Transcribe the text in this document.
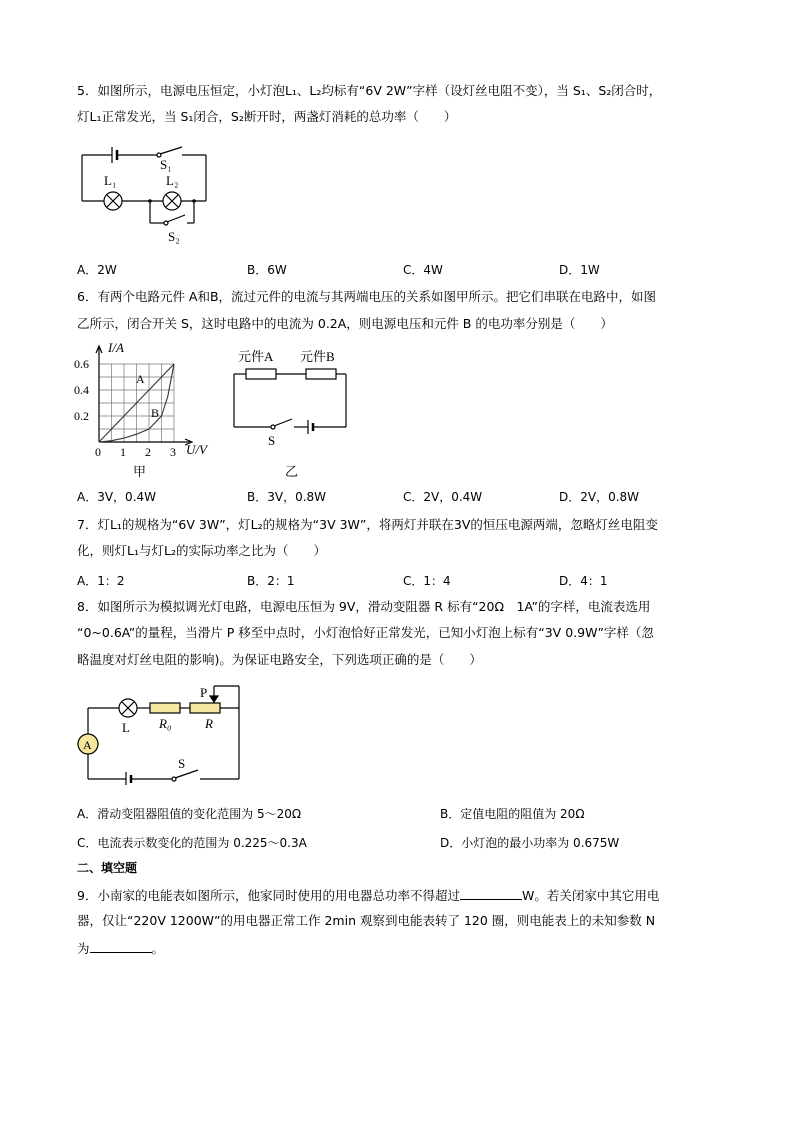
5．如图所示，电源电压恒定，小灯泡L₁、L₂均标有“6V 2W”字样（设灯丝电阻不变），当 S₁、S₂闭合时，
灯L₁正常发光，当 S₁闭合，S₂断开时，两盏灯消耗的总功率（　　）
S₁
L₁	L₂
S₂
A．2W	B．6W	C．4W	D．1W
6．有两个电路元件 A和B，流过元件的电流与其两端电压的关系如图甲所示。把它们串联在电路中，如图
乙所示，闭合开关 S，这时电路中的电流为 0.2A，则电源电压和元件 B 的电功率分别是（　　）
0.2
0.4
0.6
0 1 2 3
I/A
U/V
A
B
甲
元件A 元件B
S
乙
A．3V，0.4W	B．3V，0.8W	C．2V，0.4W	D．2V，0.8W
7．灯L₁的规格为“6V 3W”，灯L₂的规格为“3V 3W”，将两灯并联在3V的恒压电源两端，忽略灯丝电阻变
化，则灯L₁与灯L₂的实际功率之比为（　　）
A．1：2	B．2：1	C．1：4	D．4：1
8．如图所示为模拟调光灯电路，电源电压恒为 9V，滑动变阻器 R 标有“20Ω　1A”的字样，电流表选用
“0~0.6A”的量程，当滑片 P 移至中点时，小灯泡恰好正常发光，已知小灯泡上标有“3V 0.9W”字样（忽
略温度对灯丝电阻的影响)。为保证电路安全，下列选项正确的是（　　）
P
L R₀	R
A
S
A．滑动变阻器阻值的变化范围为 5～20Ω	B．定值电阻的阻值为 20Ω
C．电流表示数变化的范围为 0.225～0.3A	D．小灯泡的最小功率为 0.675W
二、填空题
9．小南家的电能表如图所示，他家同时使用的用电器总功率不得超过	W。若关闭家中其它用电
器，仅让“220V 1200W”的用电器正常工作 2min 观察到电能表转了 120 圈，则电能表上的未知参数 N
为	。
